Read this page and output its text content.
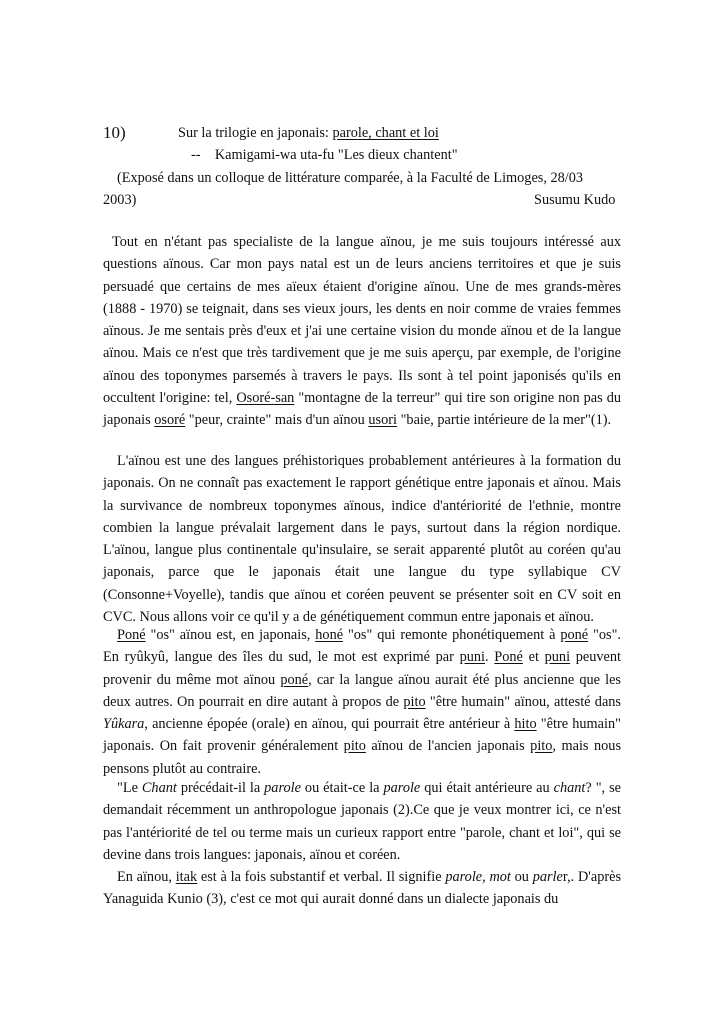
10)	Sur la trilogie en japonais: parole, chant et loi
--    Kamigami-wa uta-fu "Les dieux chantent"
(Exposé dans un colloque de littérature comparée, à la Faculté de Limoges, 28/03
2003)	Susumu Kudo

Tout en n'étant pas specialiste de la langue aïnou, je me suis toujours intéressé aux questions aïnous. Car mon pays natal est un de leurs anciens territoires et que je suis persuadé que certains de mes aïeux étaient d'origine aïnou. Une de mes grands-mères (1888 - 1970) se teignait, dans ses vieux jours, les dents en noir comme de vraies femmes aïnous. Je me sentais près d'eux et j'ai une certaine vision du monde aïnou et de la langue aïnou. Mais ce n'est que très tardivement que je me suis aperçu, par exemple, de l'origine aïnou des toponymes parsemés à travers le pays. Ils sont à tel point japonisés qu'ils en occultent l'origine: tel, Osoré-san "montagne de la terreur" qui tire son origine non pas du japonais osoré "peur, crainte" mais d'un aïnou usori "baie, partie intérieure de la mer"(1).

L'aïnou est une des langues préhistoriques probablement antérieures à la formation du japonais. On ne connaît pas exactement le rapport génétique entre japonais et aïnou. Mais la survivance de nombreux toponymes aïnous, indice d'antériorité de l'ethnie, montre combien la langue prévalait largement dans le pays, surtout dans la région nordique. L'aïnou, langue plus continentale qu'insulaire, se serait apparenté plutôt au coréen qu'au japonais, parce que le japonais était une langue du type syllabique CV (Consonne+Voyelle), tandis que aïnou et coréen peuvent se présenter soit en CV soit en CVC. Nous allons voir ce qu'il y a de génétiquement commun entre japonais et aïnou.

Poné "os" aïnou est, en japonais, honé "os" qui remonte phonétiquement à poné "os". En ryûkyû, langue des îles du sud, le mot est exprimé par puni. Poné et puni peuvent provenir du même mot aïnou poné, car la langue aïnou aurait été plus ancienne que les deux autres. On pourrait en dire autant à propos de pito "être humain" aïnou, attesté dans Yûkara, ancienne épopée (orale) en aïnou, qui pourrait être antérieur à hito "être humain" japonais. On fait provenir généralement pito aïnou de l'ancien japonais pito, mais nous pensons plutôt au contraire.

"Le Chant précédait-il la parole ou était-ce la parole qui était antérieure au chant? ", se demandait récemment un anthropologue japonais (2).Ce que je veux montrer ici, ce n'est pas l'antériorité de tel ou terme mais un curieux rapport entre "parole, chant et loi", qui se devine dans trois langues: japonais, aïnou et coréen.

En aïnou, itak est à la fois substantif et verbal. Il signifie parole, mot ou parler,. D'après Yanaguida Kunio (3), c'est ce mot qui aurait donné dans un dialecte japonais du
